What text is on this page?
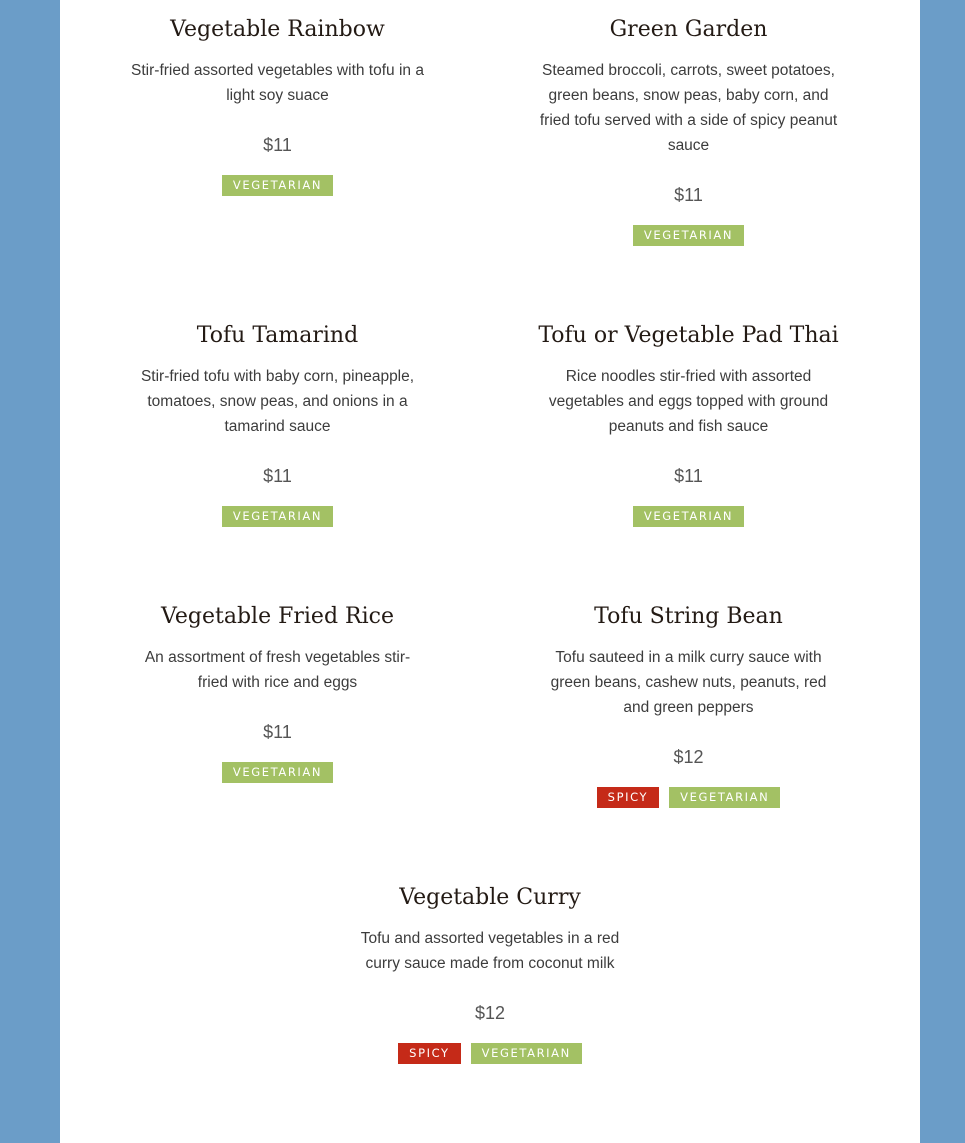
Vegetable Rainbow

Stir-fried assorted vegetables with tofu in a light soy suace

$11
VEGETARIAN
Green Garden

Steamed broccoli, carrots, sweet potatoes, green beans, snow peas, baby corn, and fried tofu served with a side of spicy peanut sauce

$11
VEGETARIAN
Tofu Tamarind

Stir-fried tofu with baby corn, pineapple, tomatoes, snow peas, and onions in a tamarind sauce

$11
VEGETARIAN
Tofu or Vegetable Pad Thai

Rice noodles stir-fried with assorted vegetables and eggs topped with ground peanuts and fish sauce

$11
VEGETARIAN
Vegetable Fried Rice

An assortment of fresh vegetables stir-fried with rice and eggs

$11
VEGETARIAN
Tofu String Bean

Tofu sauteed in a milk curry sauce with green beans, cashew nuts, peanuts, red and green peppers

$12
SPICY	VEGETARIAN
Vegetable Curry

Tofu and assorted vegetables in a red curry sauce made from coconut milk

$12
SPICY	VEGETARIAN
